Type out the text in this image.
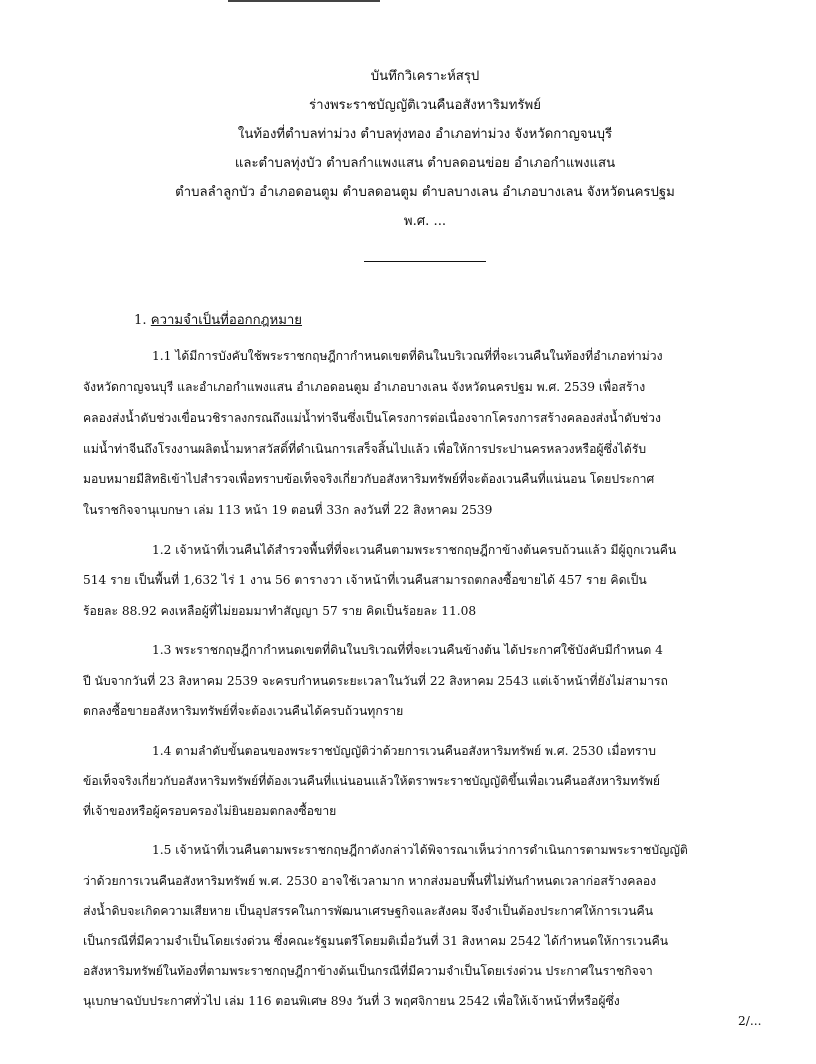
บันทึกวิเคราะห์สรุป
ร่างพระราชบัญญัติเวนคืนอสังหาริมทรัพย์
ในท้องที่ตำบลท่าม่วง ตำบลทุ่งทอง อำเภอท่าม่วง จังหวัดกาญจนบุรี
และตำบลทุ่งบัว ตำบลกำแพงแสน ตำบลดอนข่อย อำเภอกำแพงแสน
ตำบลลำลูกบัว อำเภอดอนตูม ตำบลดอนตูม ตำบลบางเลน อำเภอบางเลน จังหวัดนครปฐม
พ.ศ. ...
1. ความจำเป็นที่ออกกฎหมาย
1.1 ได้มีการบังคับใช้พระราชกฤษฎีกากำหนดเขตที่ดินในบริเวณที่ที่จะเวนคืนในท้องที่อำเภอท่าม่วง
จังหวัดกาญจนบุรี และอำเภอกำแพงแสน อำเภอดอนตูม อำเภอบางเลน จังหวัดนครปฐม พ.ศ. 2539 เพื่อสร้าง
คลองส่งน้ำดับช่วงเขื่อนวชิราลงกรณถึงแม่น้ำท่าจีนซึ่งเป็นโครงการต่อเนื่องจากโครงการสร้างคลองส่งน้ำดับช่วง
แม่น้ำท่าจีนถึงโรงงานผลิตน้ำมหาสวัสดิ์ที่ดำเนินการเสร็จสิ้นไปแล้ว เพื่อให้การประปานครหลวงหรือผู้ซึ่งได้รับ
มอบหมายมีสิทธิเข้าไปสำรวจเพื่อทราบข้อเท็จจริงเกี่ยวกับอสังหาริมทรัพย์ที่จะต้องเวนคืนที่แน่นอน โดยประกาศ
ในราชกิจจานุเบกษา เล่ม 113 หน้า 19 ตอนที่ 33ก ลงวันที่ 22 สิงหาคม 2539
1.2 เจ้าหน้าที่เวนคืนได้สำรวจพื้นที่ที่จะเวนคืนตามพระราชกฤษฎีกาข้างต้นครบถ้วนแล้ว มีผู้ถูกเวนคืน
514 ราย เป็นพื้นที่ 1,632 ไร่ 1 งาน 56 ตารางวา เจ้าหน้าที่เวนคืนสามารถตกลงซื้อขายได้ 457 ราย คิดเป็น
ร้อยละ 88.92 คงเหลือผู้ที่ไม่ยอมมาทำสัญญา 57 ราย คิดเป็นร้อยละ 11.08
1.3 พระราชกฤษฎีกากำหนดเขตที่ดินในบริเวณที่ที่จะเวนคืนข้างต้น ได้ประกาศใช้บังคับมีกำหนด 4
ปี นับจากวันที่ 23 สิงหาคม 2539 จะครบกำหนดระยะเวลาในวันที่ 22 สิงหาคม 2543 แต่เจ้าหน้าที่ยังไม่สามารถ
ตกลงซื้อขายอสังหาริมทรัพย์ที่จะต้องเวนคืนได้ครบถ้วนทุกราย
1.4 ตามลำดับขั้นตอนของพระราชบัญญัติว่าด้วยการเวนคืนอสังหาริมทรัพย์ พ.ศ. 2530 เมื่อทราบ
ข้อเท็จจริงเกี่ยวกับอสังหาริมทรัพย์ที่ต้องเวนคืนที่แน่นอนแล้วให้ตราพระราชบัญญัติขึ้นเพื่อเวนคืนอสังหาริมทรัพย์
ที่เจ้าของหรือผู้ครอบครองไม่ยินยอมตกลงซื้อขาย
1.5 เจ้าหน้าที่เวนคืนตามพระราชกฤษฎีกาดังกล่าวได้พิจารณาเห็นว่าการดำเนินการตามพระราชบัญญัติ
ว่าด้วยการเวนคืนอสังหาริมทรัพย์ พ.ศ. 2530 อาจใช้เวลามาก หากส่งมอบพื้นที่ไม่ทันกำหนดเวลาก่อสร้างคลอง
ส่งน้ำดิบจะเกิดความเสียหาย เป็นอุปสรรคในการพัฒนาเศรษฐกิจและสังคม จึงจำเป็นต้องประกาศให้การเวนคืน
เป็นกรณีที่มีความจำเป็นโดยเร่งด่วน ซึ่งคณะรัฐมนตรีโดยมติเมื่อวันที่ 31 สิงหาคม 2542 ได้กำหนดให้การเวนคืน
อสังหาริมทรัพย์ในท้องที่ตามพระราชกฤษฎีกาข้างต้นเป็นกรณีที่มีความจำเป็นโดยเร่งด่วน ประกาศในราชกิจจา
นุเบกษาฉบับประกาศทั่วไป เล่ม 116 ตอนพิเศษ 89ง วันที่ 3 พฤศจิกายน 2542 เพื่อให้เจ้าหน้าที่หรือผู้ซึ่ง
2/...
